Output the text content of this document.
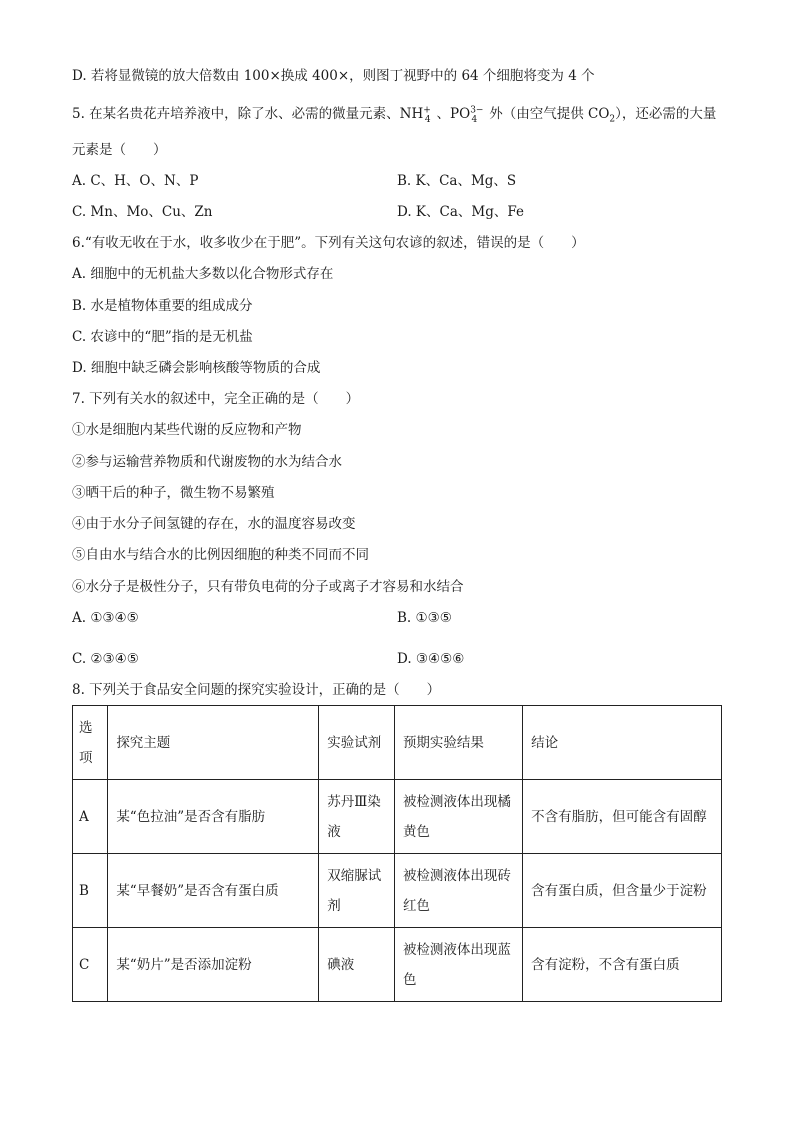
D. 若将显微镜的放大倍数由 100×换成 400×，则图丁视野中的 64 个细胞将变为 4 个
5. 在某名贵花卉培养液中，除了水、必需的微量元素、$NH^+_4$ 、$PO^{3-}_4$ 外（由空气提供 $CO_2$），还必需的大量
元素是（　　）
A. C、H、O、N、P	B. K、Ca、Mg、S
C. Mn、Mo、Cu、Zn	D. K、Ca、Mg、Fe
6.“有收无收在于水，收多收少在于肥”。下列有关这句农谚的叙述，错误的是（　　）
A. 细胞中的无机盐大多数以化合物形式存在
B. 水是植物体重要的组成成分
C. 农谚中的“肥”指的是无机盐
D. 细胞中缺乏磷会影响核酸等物质的合成
7. 下列有关水的叙述中，完全正确的是（　　）
①水是细胞内某些代谢的反应物和产物
②参与运输营养物质和代谢废物的水为结合水
③晒干后的种子，微生物不易繁殖
④由于水分子间氢键的存在，水的温度容易改变
⑤自由水与结合水的比例因细胞的种类不同而不同
⑥水分子是极性分子，只有带负电荷的分子或离子才容易和水结合
A. ①③④⑤	B. ①③⑤
C. ②③④⑤	D. ③④⑤⑥
8. 下列关于食品安全问题的探究实验设计，正确的是（　　）
选项	探究主题	实验试剂	预期实验结果	结论
A	某“色拉油”是否含有脂肪	苏丹Ⅲ染液	被检测液体出现橘黄色	不含有脂肪，但可能含有固醇
B	某“早餐奶”是否含有蛋白质	双缩脲试剂	被检测液体出现砖红色	含有蛋白质，但含量少于淀粉
C	某“奶片”是否添加淀粉	碘液	被检测液体出现蓝色	含有淀粉，不含有蛋白质
